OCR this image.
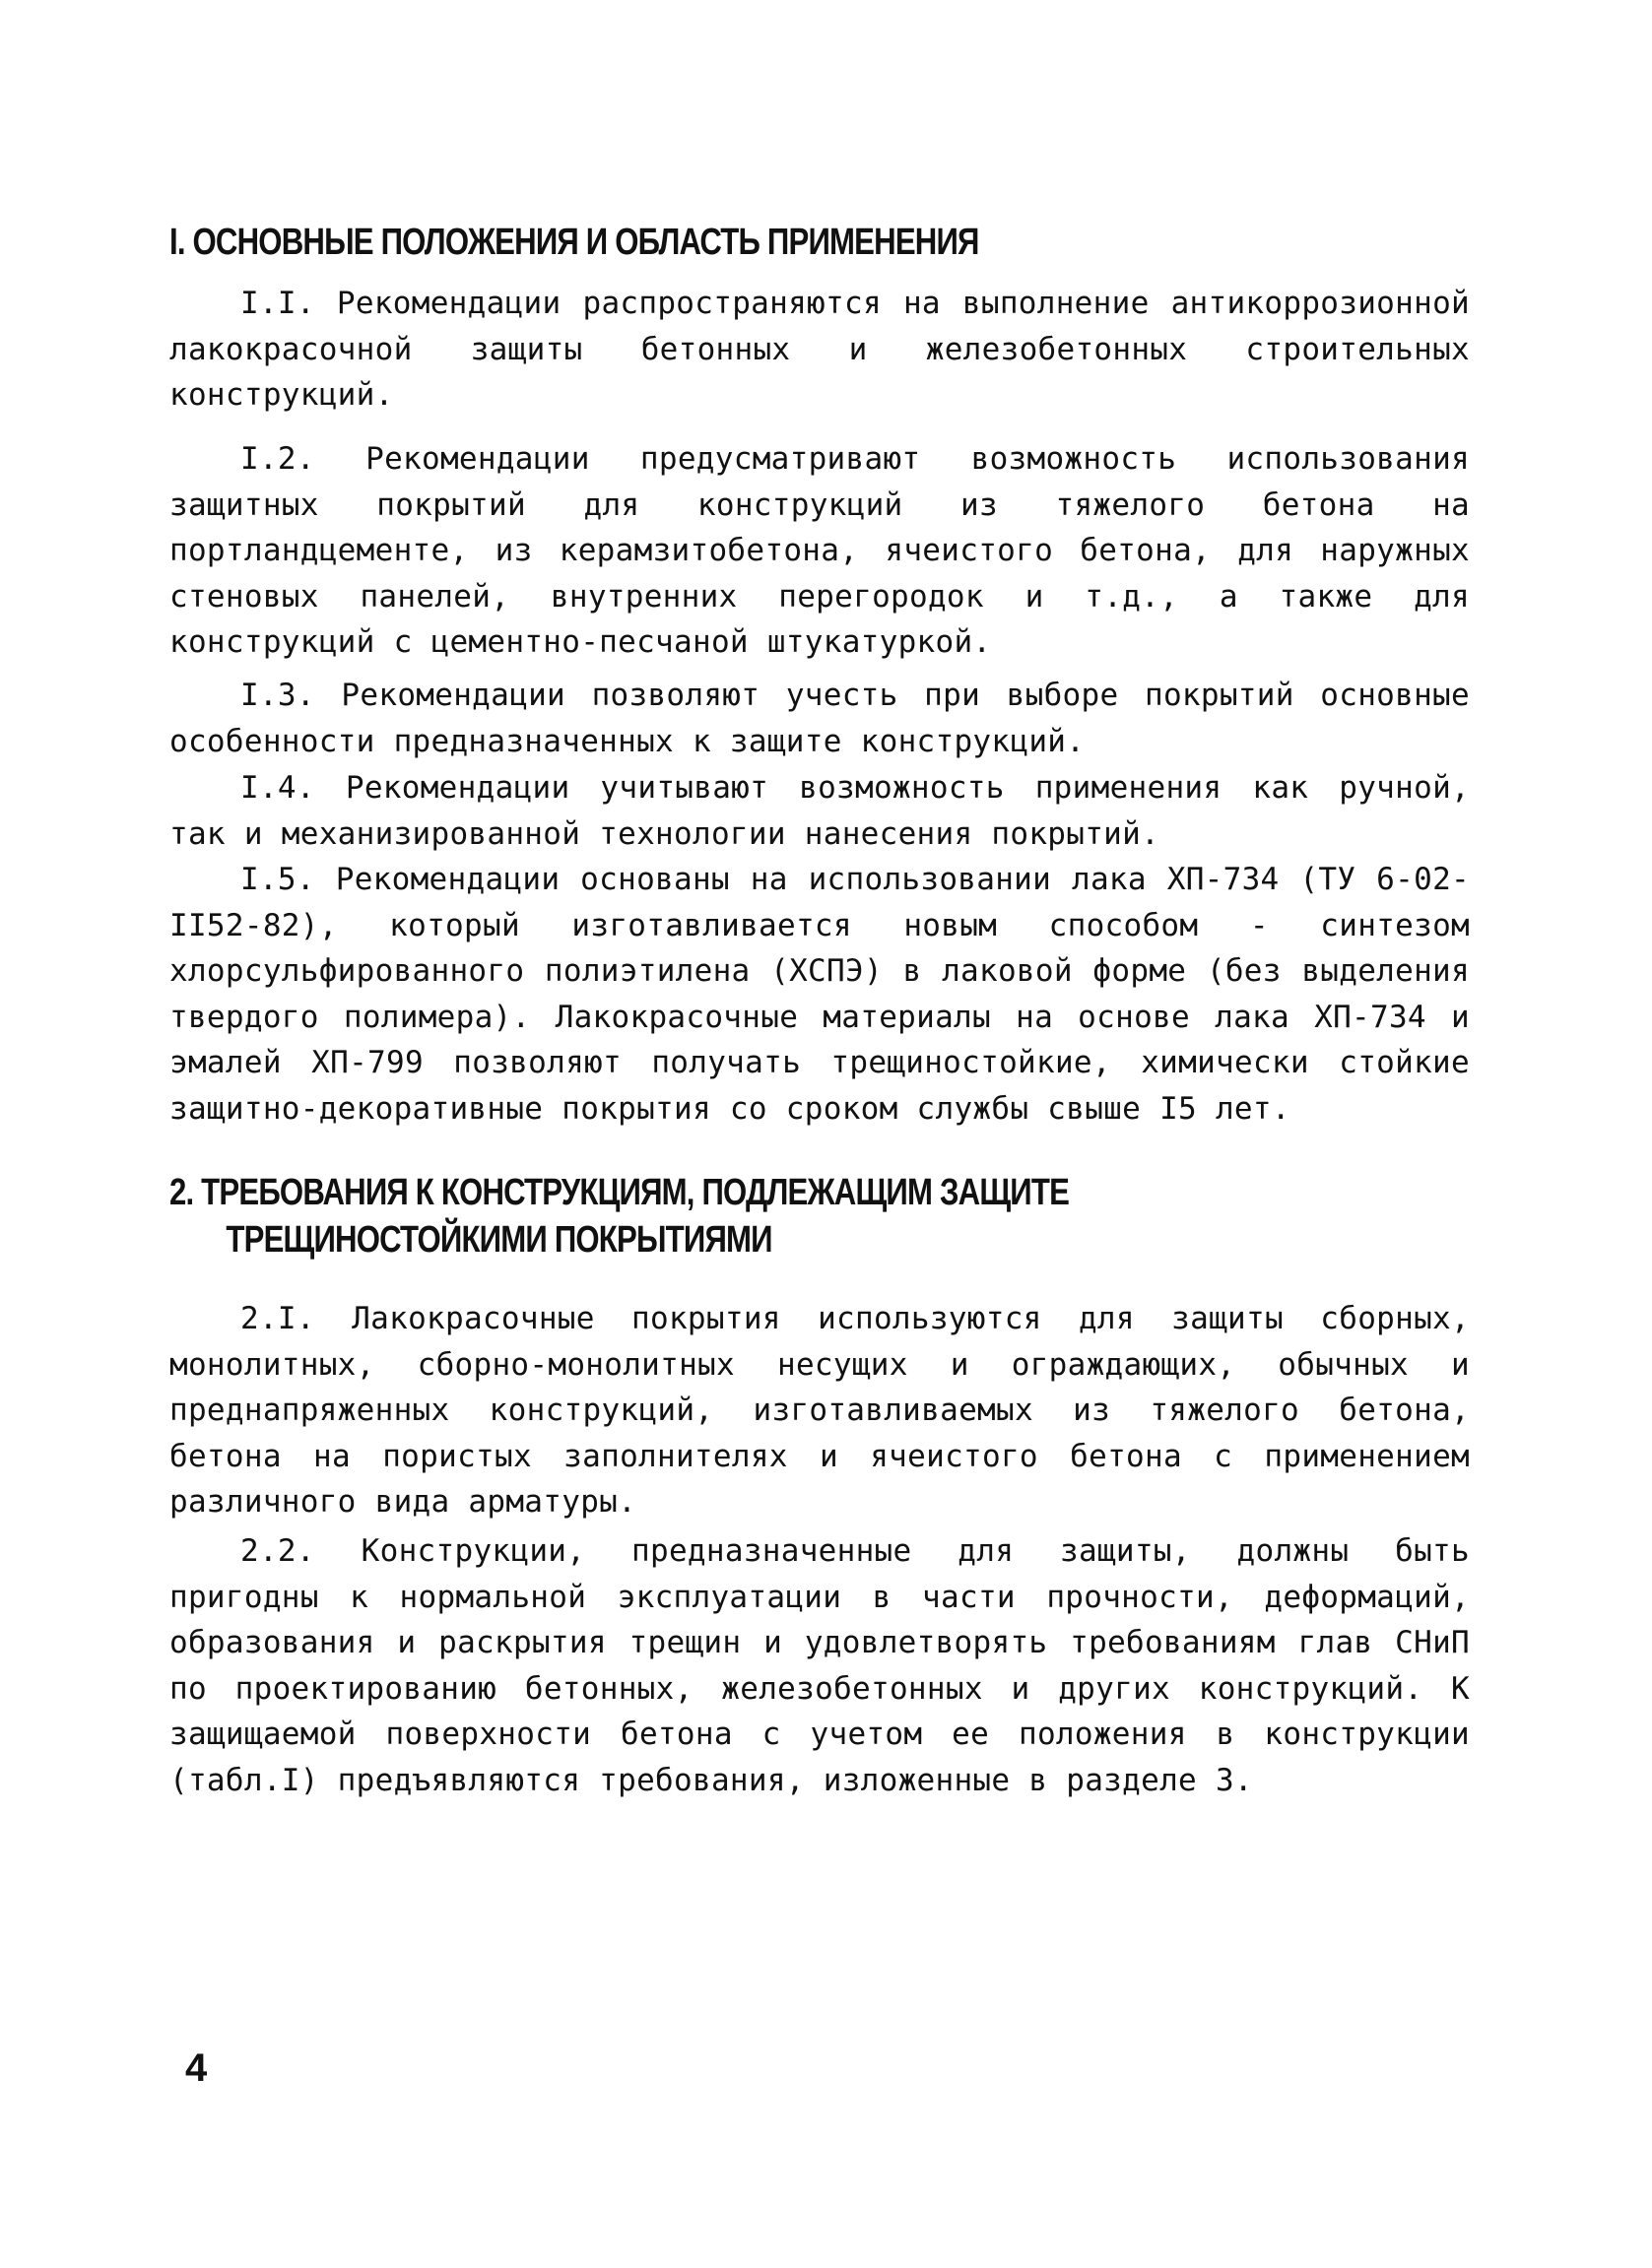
I. ОСНОВНЫЕ ПОЛОЖЕНИЯ И ОБЛАСТЬ ПРИМЕНЕНИЯ

I.I. Рекомендации распространяются на выполнение антикоррозионной лакокрасочной защиты бетонных и железобетонных строительных конструкций.

I.2. Рекомендации предусматривают возможность использования защитных покрытий для конструкций из тяжелого бетона на портландцементе, из керамзитобетона, ячеистого бетона, для наружных стеновых панелей, внутренних перегородок и т.д., а также для конструкций с цементно-песчаной штукатуркой.

I.3. Рекомендации позволяют учесть при выборе покрытий основные особенности предназначенных к защите конструкций.

I.4. Рекомендации учитывают возможность применения как ручной, так и механизированной технологии нанесения покрытий.

I.5. Рекомендации основаны на использовании лака ХП-734 (ТУ 6-02-II52-82), который изготавливается новым способом - синтезом хлорсульфированного полиэтилена (ХСПЭ) в лаковой форме (без выделения твердого полимера). Лакокрасочные материалы на основе лака ХП-734 и эмалей ХП-799 позволяют получать трещиностойкие, химически стойкие защитно-декоративные покрытия со сроком службы свыше I5 лет.

2. ТРЕБОВАНИЯ К КОНСТРУКЦИЯМ, ПОДЛЕЖАЩИМ ЗАЩИТЕ
ТРЕЩИНОСТОЙКИМИ ПОКРЫТИЯМИ

2.I. Лакокрасочные покрытия используются для защиты сборных, монолитных, сборно-монолитных несущих и ограждающих, обычных и преднапряженных конструкций, изготавливаемых из тяжелого бетона, бетона на пористых заполнителях и ячеистого бетона с применением различного вида арматуры.

2.2. Конструкции, предназначенные для защиты, должны быть пригодны к нормальной эксплуатации в части прочности, деформаций, образования и раскрытия трещин и удовлетворять требованиям глав СНиП по проектированию бетонных, железобетонных и других конструкций. К защищаемой поверхности бетона с учетом ее положения в конструкции (табл.I) предъявляются требования, изложенные в разделе 3.

4
